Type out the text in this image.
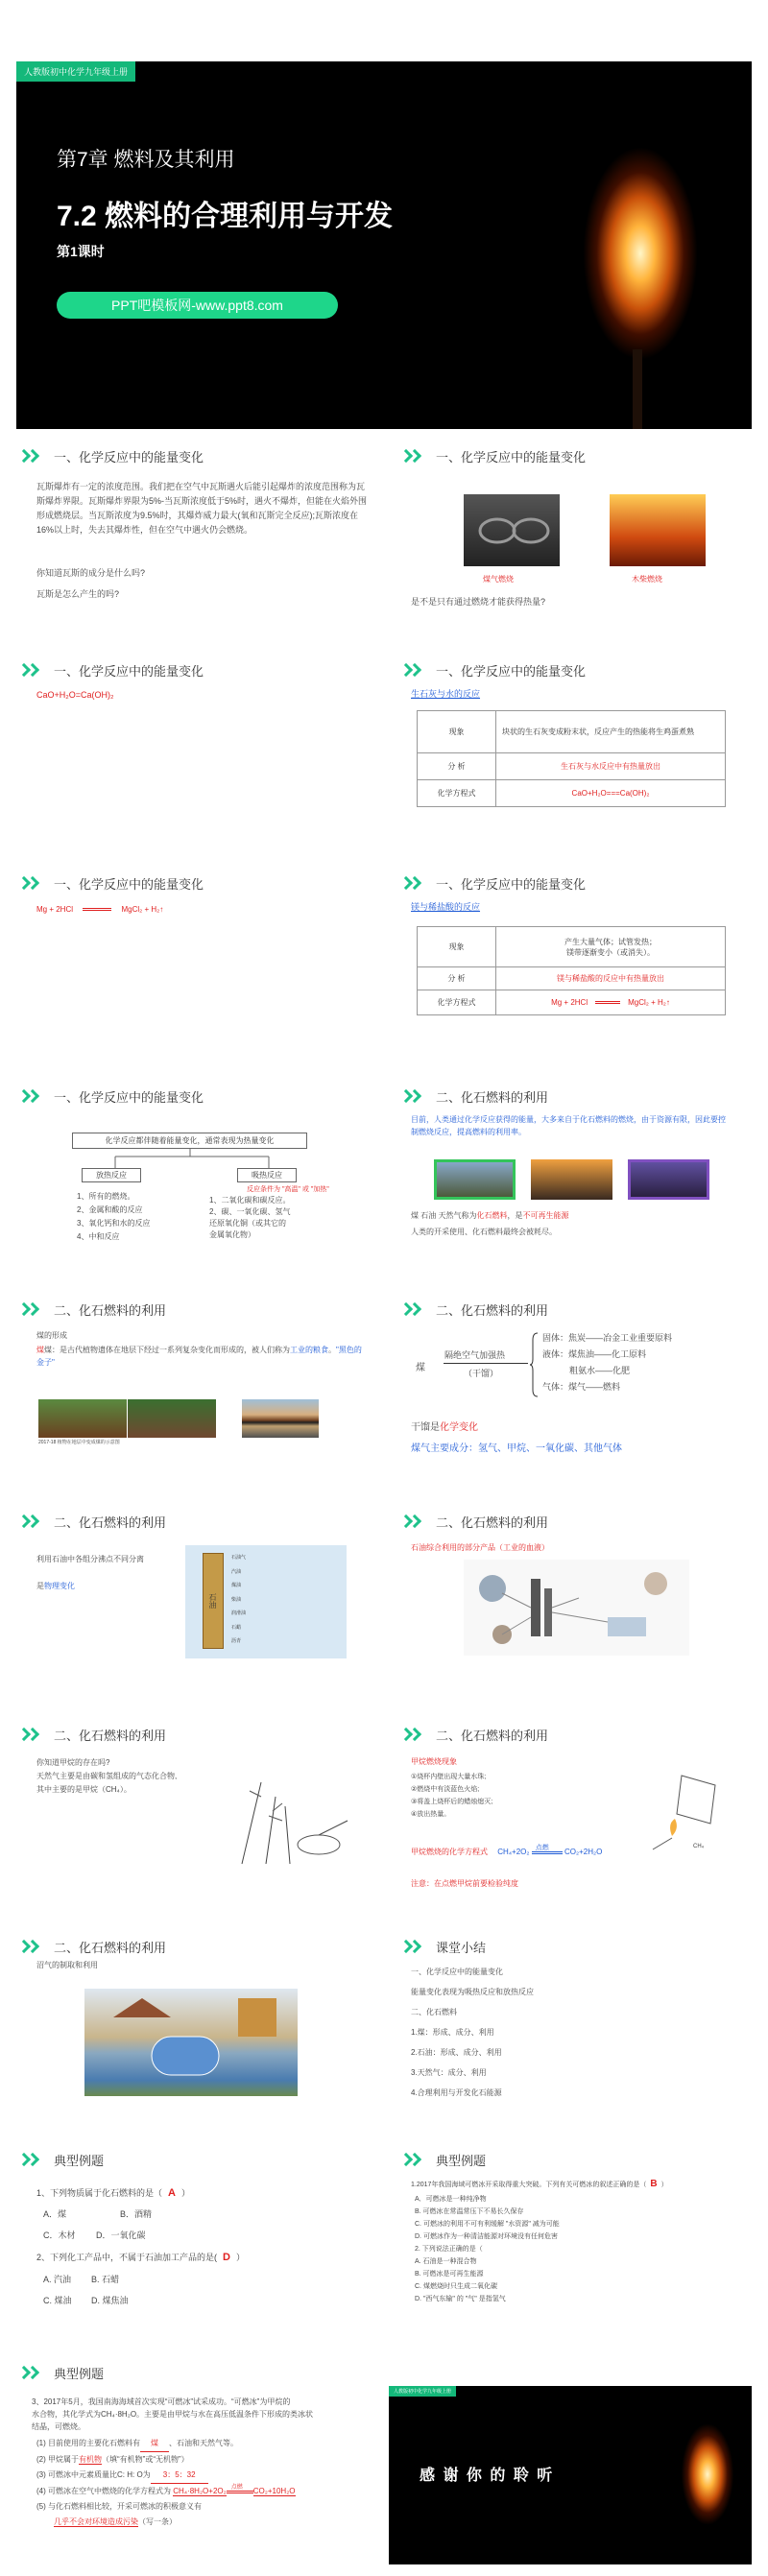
人教版初中化学九年级上册
第7章 燃料及其利用
7.2 燃料的合理利用与开发
第1课时
PPT吧模板网-www.ppt8.com
一、化学反应中的能量变化
瓦斯爆炸有一定的浓度范围。我们把在空气中瓦斯遇火后能引起爆炸的浓度范围称为瓦斯爆炸界限。瓦斯爆炸界限为5%-当瓦斯浓度低于5%时，遇火不爆炸，但能在火焰外围形成燃烧层。当瓦斯浓度为9.5%时，其爆炸威力最大(氧和瓦斯完全反应);瓦斯浓度在16%以上时，失去其爆炸性，但在空气中遇火仍会燃烧。
你知道瓦斯的成分是什么吗?
瓦斯是怎么产生的吗?
一、化学反应中的能量变化
煤气燃烧	木柴燃烧
是不是只有通过燃烧才能获得热量?
一、化学反应中的能量变化
CaO+H₂O=Ca(OH)₂
一、化学反应中的能量变化
生石灰与水的反应
现象	块状的生石灰变成粉末状，反应产生的热能将生鸡蛋煮熟
分 析	生石灰与水反应中有热量放出
化学方程式	CaO+H₂O===Ca(OH)₂
一、化学反应中的能量变化
Mg + 2HCl	MgCl₂ + H₂↑
一、化学反应中的能量变化
镁与稀盐酸的反应
现象	产生大量气体；试管发热；
镁带逐渐变小（或消失）。

分 析	镁与稀盐酸的反应中有热量放出
化学方程式	Mg + 2HCl MgCl₂ + H₂↑
一、化学反应中的能量变化
化学反应都伴随着能量变化，通常表现为热量变化
放热反应	吸热反应
反应条件为 "高温" 或 "加热"
1、所有的燃烧。
2、金属和酸的反应
3、氧化钙和水的反应
4、中和反应
1、二氧化碳和碳反应。
2、碳、一氧化碳、氢气
还原氧化铜（或其它的
金属氧化物）
二、化石燃料的利用
目前，人类通过化学反应获得的能量，大多来自于化石燃料的燃烧，由于资源有限，因此要控制燃烧反应，提高燃料的利用率。
煤 石油 天然气称为化石燃料，是不可再生能源
人类的开采使用、化石燃料最终会被耗尽。
二、化石燃料的利用
煤的形成
煤煤：是古代植物遗体在地层下经过一系列复杂变化而形成的，被人们称为工业的粮食。"黑色的金子"
2017-18 植物在地层中变成煤的示意图
二、化石燃料的利用
煤
隔绝空气加强热
（干馏）
固体：焦炭——冶金工业重要原料
液体：煤焦油——化工原料
粗氨水——化肥
气体：煤气——燃料
干馏是化学变化
煤气主要成分：氢气、甲烷、一氧化碳、其他气体
二、化石燃料的利用
利用石油中各组分沸点不同分离
是物理变化
石油
石油气
汽油
煤油
柴油
润滑油
石蜡
沥青
二、化石燃料的利用
石油综合利用的部分产品（工业的血液）
二、化石燃料的利用
你知道甲烷的存在吗?
天然气主要是由碳和氢组成的气态化合物,
其中主要的是甲烷（CH₄）。
二、化石燃料的利用
甲烷燃烧现象
①烧杯内壁出现大量水珠;
②燃烧中有淡蓝色火焰;
③将盖上烧杯后的蜡烛熄灭;
④放出热量。
甲烷燃烧的化学方程式 CH₄+2O₂ 点燃 CO₂+2H₂O
注意：在点燃甲烷前要检验纯度
CH₄
二、化石燃料的利用
沼气的制取和利用
课堂小结
一、化学反应中的能量变化
能量变化表现为吸热反应和放热反应
二、化石燃料
1.煤：形成、成分、利用
2.石油：形成、成分、利用
3.天然气：成分、利用
4.合理利用与开发化石能源
典型例题
1、下列物质属于化石燃料的是（ A ）
A．煤	B．酒精
C．木材 D．一氧化碳
2、下列化工产品中，不属于石油加工产品的是( D ）
A. 汽油 B. 石蜡
C. 煤油 D. 煤焦油
典型例题
1.2017年我国海域可燃冰开采取得重大突破。下列有关可燃冰的叙述正确的是（ B ）
A．可燃冰是一种纯净物
B. 可燃冰在常温常压下不易长久保存
C. 可燃冰的利用不可有利缓解 "水资源" 减为可能
D. 可燃冰作为一种清洁能源对环境没有任何危害
2. 下列说法正确的是（
A. 石油是一种混合物
B. 可燃冰是可再生能源
C. 煤燃烧时只生成二氧化碳
D. "西气东输" 的 "气" 是指氢气
典型例题
3、2017年5月，我国南海海域首次实现“可燃冰”试采成功。“可燃冰”为甲烷的
水合物，其化学式为CH₄·8H₂O。主要是由甲烷与水在高压低温条件下形成的类冰状
结晶，可燃烧。
(1) 目前使用的主要化石燃料有 煤 、石油和天然气等。
(2) 甲烷属于有机物（填“有机物”或“无机物”）
(3) 可燃冰中元素质量比C: H: O为 3：5：32
(4) 可燃冰在空气中燃烧的化学方程式为 CH₄·8H₂O+2O₂ 点燃 CO₂+10H₂O
(5) 与化石燃料相比较，开采可燃冰的积极意义有
几乎不会对环境造成污染（写一条）
人教版初中化学九年级上册
感 谢 你 的 聆 听
